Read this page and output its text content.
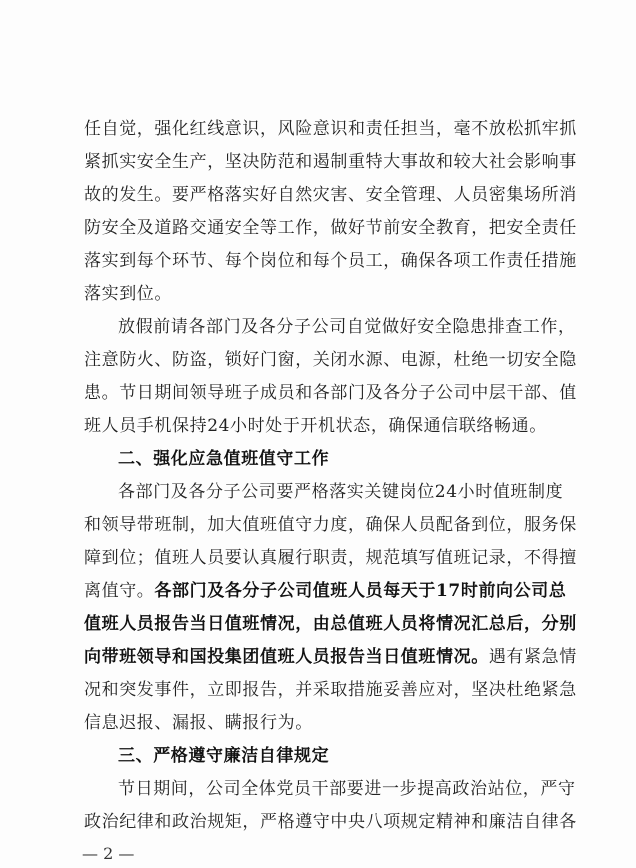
任自觉，强化红线意识，风险意识和责任担当，毫不放松抓牢抓
紧抓实安全生产，坚决防范和遏制重特大事故和较大社会影响事
故的发生。要严格落实好自然灾害、安全管理、人员密集场所消
防安全及道路交通安全等工作，做好节前安全教育，把安全责任
落实到每个环节、每个岗位和每个员工，确保各项工作责任措施
落实到位。
放假前请各部门及各分子公司自觉做好安全隐患排查工作，
注意防火、防盗，锁好门窗，关闭水源、电源，杜绝一切安全隐
患。节日期间领导班子成员和各部门及各分子公司中层干部、值
班人员手机保持24小时处于开机状态，确保通信联络畅通。
二、强化应急值班值守工作
各部门及各分子公司要严格落实关键岗位24小时值班制度
和领导带班制，加大值班值守力度，确保人员配备到位，服务保
障到位；值班人员要认真履行职责，规范填写值班记录，不得擅
离值守。各部门及各分子公司值班人员每天于17时前向公司总
值班人员报告当日值班情况，由总值班人员将情况汇总后，分别
向带班领导和国投集团值班人员报告当日值班情况。遇有紧急情
况和突发事件，立即报告，并采取措施妥善应对，坚决杜绝紧急
信息迟报、漏报、瞒报行为。
三、严格遵守廉洁自律规定
节日期间，公司全体党员干部要进一步提高政治站位，严守
政治纪律和政治规矩，严格遵守中央八项规定精神和廉洁自律各
— 2 —
